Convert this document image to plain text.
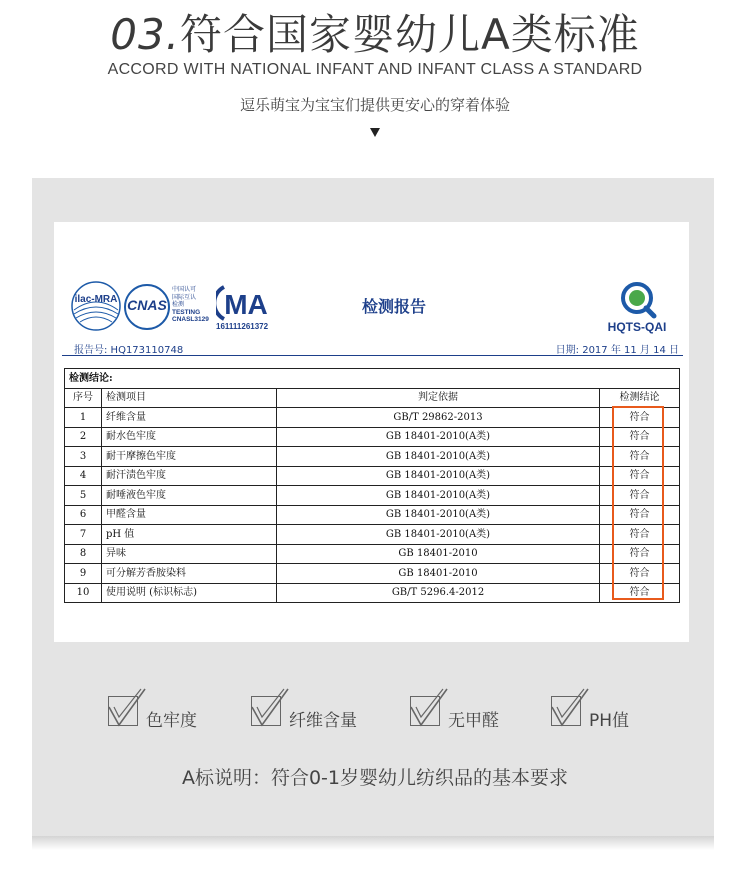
03.符合国家婴幼儿A类标准
ACCORD WITH NATIONAL INFANT AND INFANT CLASS A STANDARD
逗乐萌宝为宝宝们提供更安心的穿着体验
ilac-MRA CNAS
中国认可
国际互认
检测
TESTING
CNASL3129 MA
161111261372
检测报告
HQTS-QAI
报告号: HQ173110748	日期: 2017 年 11 月 14 日
检测结论:			
序号	检测项目	判定依据	检测结论
1	纤维含量	GB/T 29862-2013	符合
2	耐水色牢度	GB 18401-2010(A类)	符合
3	耐干摩擦色牢度	GB 18401-2010(A类)	符合
4	耐汗渍色牢度	GB 18401-2010(A类)	符合
5	耐唾液色牢度	GB 18401-2010(A类)	符合
6	甲醛含量	GB 18401-2010(A类)	符合
7	pH 值	GB 18401-2010(A类)	符合
8	异味	GB 18401-2010	符合
9	可分解芳香胺染料	GB 18401-2010	符合
10	使用说明 (标识标志)	GB/T 5296.4-2012	符合
色牢度	纤维含量	无甲醛	PH值
A标说明：符合0-1岁婴幼儿纺织品的基本要求
